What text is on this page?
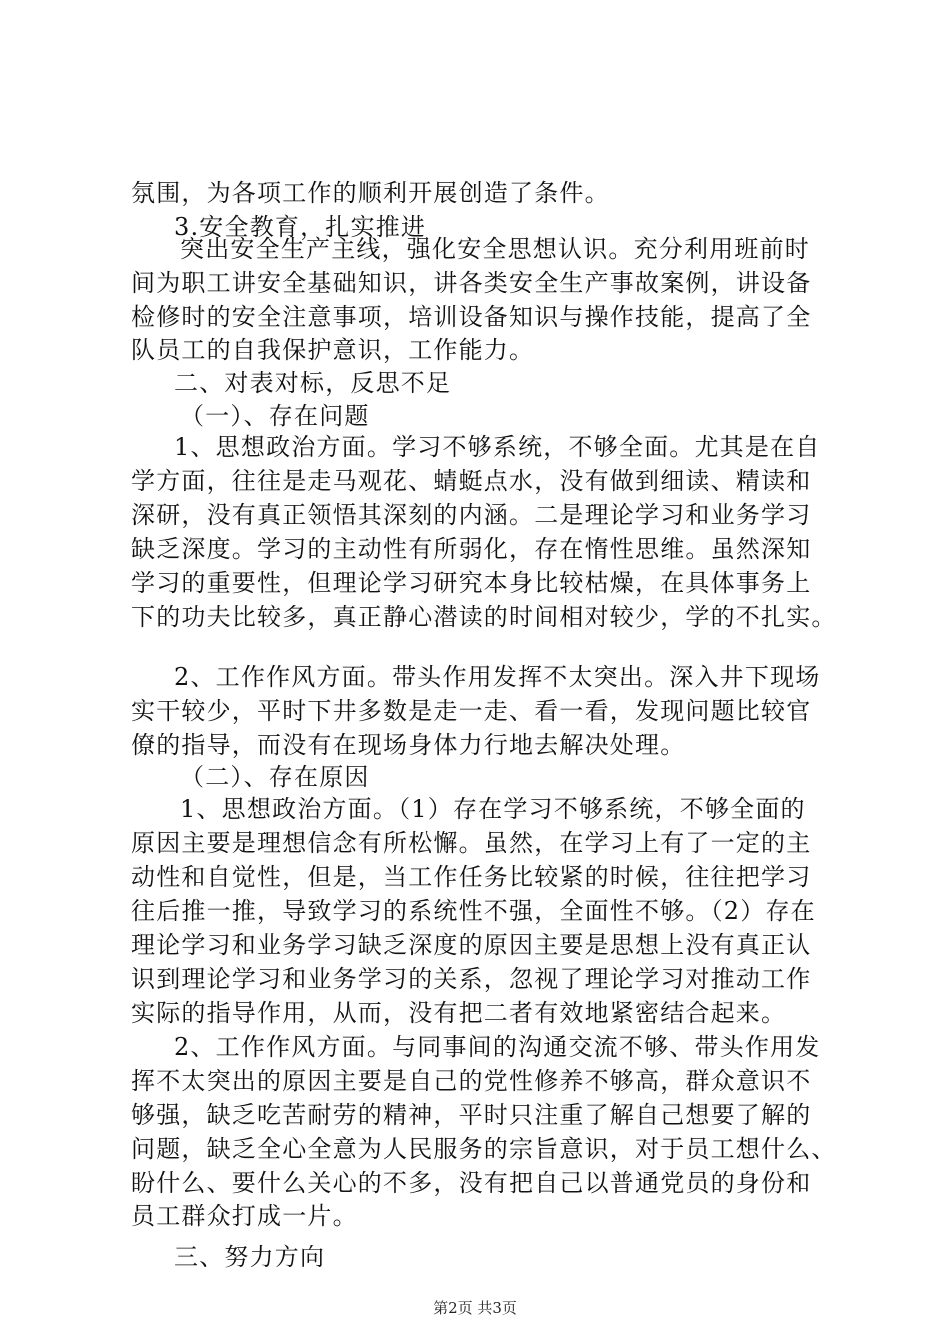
氛围，为各项工作的顺利开展创造了条件。
3.安全教育，扎实推进
突出安全生产主线，强化安全思想认识。充分利用班前时
间为职工讲安全基础知识，讲各类安全生产事故案例，讲设备
检修时的安全注意事项，培训设备知识与操作技能，提高了全
队员工的自我保护意识，工作能力。
二、对表对标，反思不足
（一）、存在问题
1、思想政治方面。学习不够系统，不够全面。尤其是在自
学方面，往往是走马观花、蜻蜓点水，没有做到细读、精读和
深研，没有真正领悟其深刻的内涵。二是理论学习和业务学习
缺乏深度。学习的主动性有所弱化，存在惰性思维。虽然深知
学习的重要性，但理论学习研究本身比较枯燥，在具体事务上
下的功夫比较多，真正静心潜读的时间相对较少，学的不扎实。
2、工作作风方面。带头作用发挥不太突出。深入井下现场
实干较少，平时下井多数是走一走、看一看，发现问题比较官
僚的指导，而没有在现场身体力行地去解决处理。
（二）、存在原因
1、思想政治方面。（1）存在学习不够系统，不够全面的
原因主要是理想信念有所松懈。虽然，在学习上有了一定的主
动性和自觉性，但是，当工作任务比较紧的时候，往往把学习
往后推一推，导致学习的系统性不强，全面性不够。（2）存在
理论学习和业务学习缺乏深度的原因主要是思想上没有真正认
识到理论学习和业务学习的关系，忽视了理论学习对推动工作
实际的指导作用，从而，没有把二者有效地紧密结合起来。
2、工作作风方面。与同事间的沟通交流不够、带头作用发
挥不太突出的原因主要是自己的党性修养不够高，群众意识不
够强，缺乏吃苦耐劳的精神，平时只注重了解自己想要了解的
问题，缺乏全心全意为人民服务的宗旨意识，对于员工想什么、
盼什么、要什么关心的不多，没有把自己以普通党员的身份和
员工群众打成一片。
三、努力方向
第2页 共3页
